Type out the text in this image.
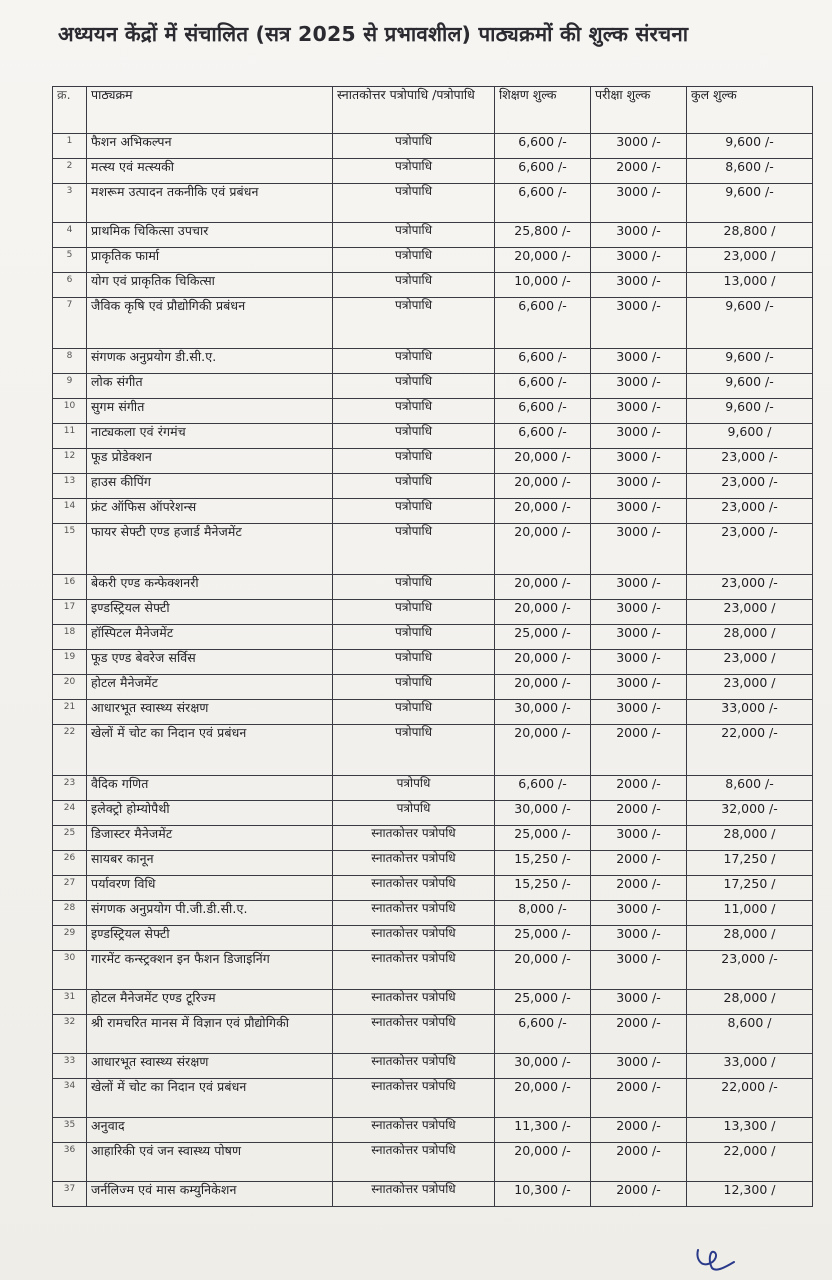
अध्ययन केंद्रों में संचालित (सत्र 2025 से प्रभावशील) पाठ्यक्रमों की शुल्क संरचना
क्र.	पाठ्यक्रम	स्नातकोत्तर पत्रोपाधि /पत्रोपाधि	शिक्षण शुल्क	परीक्षा शुल्क	कुल शुल्क
1	फैशन अभिकल्पन	पत्रोपाधि	6,600 /-	3000 /-	9,600 /-
2	मत्स्य एवं मत्स्यकी	पत्रोपाधि	6,600 /-	2000 /-	8,600 /-
3	मशरूम उत्पादन तकनीकि एवं प्रबंधन	पत्रोपाधि	6,600 /-	3000 /-	9,600 /-
4	प्राथमिक चिकित्सा उपचार	पत्रोपाधि	25,800 /-	3000 /-	28,800 /
5	प्राकृतिक फार्मा	पत्रोपाधि	20,000 /-	3000 /-	23,000 /
6	योग एवं प्राकृतिक चिकित्सा	पत्रोपाधि	10,000 /-	3000 /-	13,000 /
7	जैविक कृषि एवं प्रौद्योगिकी प्रबंधन	पत्रोपाधि	6,600 /-	3000 /-	9,600 /-
8	संगणक अनुप्रयोग डी.सी.ए.	पत्रोपाधि	6,600 /-	3000 /-	9,600 /-
9	लोक संगीत	पत्रोपाधि	6,600 /-	3000 /-	9,600 /-
10	सुगम संगीत	पत्रोपाधि	6,600 /-	3000 /-	9,600 /-
11	नाट्यकला एवं रंगमंच	पत्रोपाधि	6,600 /-	3000 /-	9,600 /
12	फूड प्रोडेक्शन	पत्रोपाधि	20,000 /-	3000 /-	23,000 /-
13	हाउस कीपिंग	पत्रोपाधि	20,000 /-	3000 /-	23,000 /-
14	फ्रंट ऑफिस ऑपरेशन्स	पत्रोपाधि	20,000 /-	3000 /-	23,000 /-
15	फायर सेफ्टी एण्ड हजार्ड मैनेजमेंट	पत्रोपाधि	20,000 /-	3000 /-	23,000 /-
16	बेकरी एण्ड कन्फेक्शनरी	पत्रोपाधि	20,000 /-	3000 /-	23,000 /-
17	इण्डस्ट्रियल सेफ्टी	पत्रोपाधि	20,000 /-	3000 /-	23,000 /
18	हॉस्पिटल मैनेजमेंट	पत्रोपाधि	25,000 /-	3000 /-	28,000 /
19	फूड एण्ड बेवरेज सर्विस	पत्रोपाधि	20,000 /-	3000 /-	23,000 /
20	होटल मैनेजमेंट	पत्रोपाधि	20,000 /-	3000 /-	23,000 /
21	आधारभूत स्वास्थ्य संरक्षण	पत्रोपाधि	30,000 /-	3000 /-	33,000 /-
22	खेलों में चोट का निदान एवं प्रबंधन	पत्रोपाधि	20,000 /-	2000 /-	22,000 /-
23	वैदिक गणित	पत्रोपधि	6,600 /-	2000 /-	8,600 /-
24	इलेक्ट्रो होम्योपैथी	पत्रोपधि	30,000 /-	2000 /-	32,000 /-
25	डिजास्टर मैनेजमेंट	स्नातकोत्तर पत्रोपधि	25,000 /-	3000 /-	28,000 /
26	सायबर कानून	स्नातकोत्तर पत्रोपधि	15,250 /-	2000 /-	17,250 /
27	पर्यावरण विधि	स्नातकोत्तर पत्रोपधि	15,250 /-	2000 /-	17,250 /
28	संगणक अनुप्रयोग पी.जी.डी.सी.ए.	स्नातकोत्तर पत्रोपधि	8,000 /-	3000 /-	11,000 /
29	इण्डस्ट्रियल सेफ्टी	स्नातकोत्तर पत्रोपधि	25,000 /-	3000 /-	28,000 /
30	गारमेंट कन्स्ट्रक्शन इन फैशन डिजाइनिंग	स्नातकोत्तर पत्रोपधि	20,000 /-	3000 /-	23,000 /-
31	होटल मैनेजमेंट एण्ड टूरिज्म	स्नातकोत्तर पत्रोपधि	25,000 /-	3000 /-	28,000 /
32	श्री रामचरित मानस में विज्ञान एवं प्रौद्योगिकी	स्नातकोत्तर पत्रोपधि	6,600 /-	2000 /-	8,600 /
33	आधारभूत स्वास्थ्य संरक्षण	स्नातकोत्तर पत्रोपधि	30,000 /-	3000 /-	33,000 /
34	खेलों में चोट का निदान एवं प्रबंधन	स्नातकोत्तर पत्रोपधि	20,000 /-	2000 /-	22,000 /-
35	अनुवाद	स्नातकोत्तर पत्रोपधि	11,300 /-	2000 /-	13,300 /
36	आहारिकी एवं जन स्वास्थ्य पोषण	स्नातकोत्तर पत्रोपधि	20,000 /-	2000 /-	22,000 /
37	जर्नलिज्म एवं मास कम्युनिकेशन	स्नातकोत्तर पत्रोपधि	10,300 /-	2000 /-	12,300 /
